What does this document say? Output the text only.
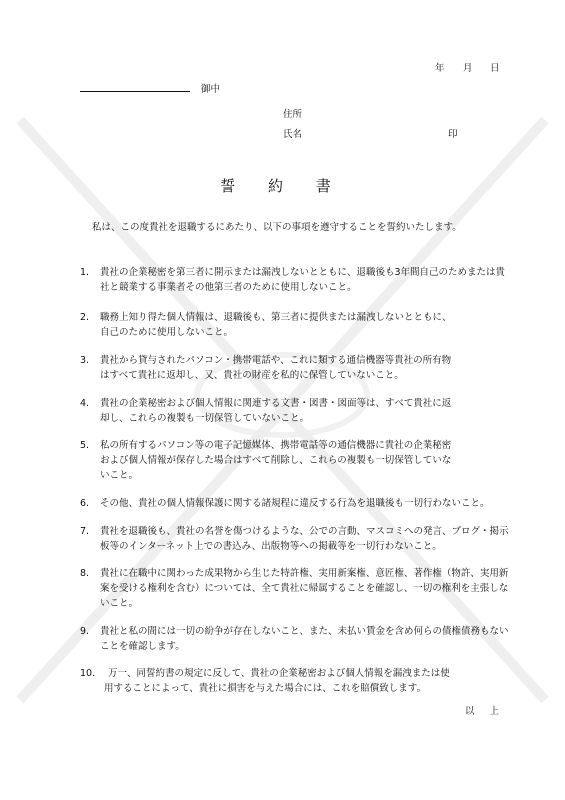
年 月 日
御中
住所
氏名	印
誓 約 書
私は、この度貴社を退職するにあたり、以下の事項を遵守することを誓約いたします。
1. 貴社の企業秘密を第三者に開示または漏洩しないとともに、退職後も3年間自己のためまたは貴
社と競業する事業者その他第三者のために使用しないこと。
2. 職務上知り得た個人情報は、退職後も、第三者に提供または漏洩しないとともに、
自己のために使用しないこと。
3. 貴社から貸与されたパソコン・携帯電話や、これに類する通信機器等貴社の所有物
はすべて貴社に返却し、又、貴社の財産を私的に保管していないこと。
4. 貴社の企業秘密および個人情報に関連する文書・図書・図面等は、すべて貴社に返
却し、これらの複製も一切保管していないこと。
5. 私の所有するパソコン等の電子記憶媒体、携帯電話等の通信機器に貴社の企業秘密
および個人情報が保存した場合はすべて削除し、これらの複製も一切保管していな
いこと。
6. その他、貴社の個人情報保護に関する諸規程に違反する行為を退職後も一切行わないこと。
7. 貴社を退職後も、貴社の名誉を傷つけるような、公での言動、マスコミへの発言、ブログ・掲示
板等のインターネット上での書込み、出版物等への掲載等を一切行わないこと。
8. 貴社に在職中に関わった成果物から生じた特許権、実用新案権、意匠権、著作権（物許、実用新
案を受ける権利を含む）については、全て貴社に帰属することを確認し、一切の権利を主張しな
いこと。
9. 貴社と私の間には一切の紛争が存在しないこと、また、未払い賃金を含め何らの債権債務もない
ことを確認します。
10. 万一、同誓約書の規定に反して、貴社の企業秘密および個人情報を漏洩または使
用することによって、貴社に損害を与えた場合には、これを賠償致します。
以 上
